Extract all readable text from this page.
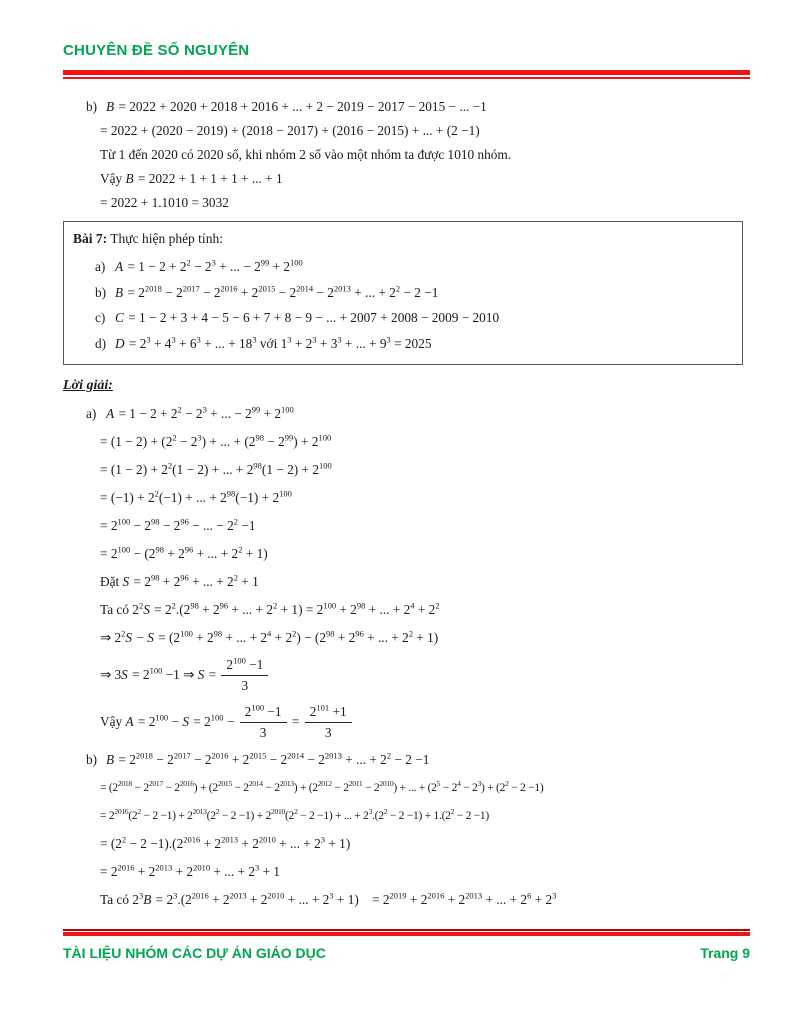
CHUYÊN ĐỀ SỐ NGUYÊN
b) B = 2022 + 2020 + 2018 + 2016 + ... + 2 − 2019 − 2017 − 2015 − ... −1
= 2022 + (2020 − 2019) + (2018 − 2017) + (2016 − 2015) + ... + (2 −1)
Từ 1 đến 2020 có 2020 số, khi nhóm 2 số vào một nhóm ta được 1010 nhóm.
Vậy B = 2022 + 1 + 1 + 1 + ... + 1
= 2022 + 1.1010 = 3032
Bài 7: Thực hiện phép tính:
a) $A = 1 - 2 + 2^2 - 2^3$ + ... − $2^{99} + 2^{100}$
b) $B = 2^{2018} - 2^{2017} - 2^{2016} + 2^{2015} - 2^{2014} - 2^{2013}$ + ... + $2^2 - 2 -1$
c) C = 1 − 2 + 3 + 4 − 5 − 6 + 7 + 8 − 9 − ... + 2007 + 2008 − 2009 − 2010
d) $D = 2^3 + 4^3 + 6^3$ + ... + $18^3$ với $1^3 + 2^3 + 3^3$ + ... + $9^3 = 2025$
Lời giải:
a) $A = 1 - 2 + 2^2 - 2^3$ + ... − $2^{99} + 2^{100}$
= $(1 - 2) + (2^2 - 2^3)$ + ... + $(2^{98} - 2^{99}) + 2^{100}$
= $(1 - 2) + 2^2(1 - 2)$ + ... + $2^{98}(1 - 2) + 2^{100}$
= $(-1) + 2^2(-1)$ + ... + $2^{98}(-1) + 2^{100}$
= $2^{100} - 2^{98} - 2^{96}$ − ... − $2^2 -1$
= $2^{100} - (2^{98} + 2^{96}$ + ... + $2^2 + 1$)
Đặt $S = 2^{98} + 2^{96}$ + ... + $2^2 + 1$
Ta có $2^2S = 2^2.(2^{98} + 2^{96}$ + ... + $2^2 + 1) = 2^{100} + 2^{98}$ + ... + $2^4 + 2^2$
⇒ $2^2S - S = (2^{100} + 2^{98}$ + ... + $2^4 + 2^2) - (2^{98} + 2^{96}$ + ... + $2^2 + 1$)
⇒ $3S = 2^{100} -1$ ⇒ $S = \frac{2^{100} -1}{3}$
Vậy $A = 2^{100} - S = 2^{100} - \frac{2^{100} -1}{3} = \frac{2^{101} +1}{3}$
b) $B = 2^{2018} - 2^{2017} - 2^{2016} + 2^{2015} - 2^{2014} - 2^{2013}$ + ... + $2^2 - 2 -1$
= $(2^{2018} - 2^{2017} - 2^{2016}) + (2^{2015} - 2^{2014} - 2^{2013}) + (2^{2012} - 2^{2011} - 2^{2010})$ + ... + $(2^5 - 2^4 - 2^3) + (2^2 - 2 -1)$
= $2^{2016}(2^2 - 2 -1) + 2^{2013}(2^2 - 2 -1) + 2^{2010}(2^2 - 2 -1)$ + ... + $2^3.(2^2 - 2 -1) + 1.(2^2 - 2 -1)$
= $(2^2 - 2 -1).(2^{2016} + 2^{2013} + 2^{2010}$ + ... + $2^3 + 1$)
= $2^{2016} + 2^{2013} + 2^{2010}$ + ... + $2^3 + 1$
Ta có $2^3B = 2^3.(2^{2016} + 2^{2013} + 2^{2010}$ + ... + $2^3 + 1$)  = $2^{2019} + 2^{2016} + 2^{2013}$ + ... + $2^6 + 2^3$
TÀI LIỆU NHÓM CÁC DỰ ÁN GIÁO DỤC	Trang 9
